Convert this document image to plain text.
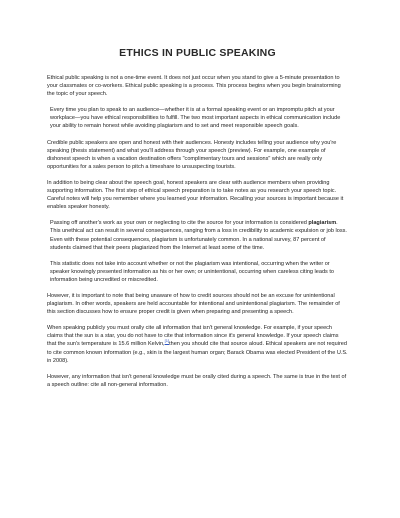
ETHICS IN PUBLIC SPEAKING

Ethical public speaking is not a one-time event. It does not just occur when you stand to give a 5-minute presentation to your classmates or co-workers. Ethical public speaking is a process. This process begins when you begin brainstorming the topic of your speech.

Every time you plan to speak to an audience—whether it is at a formal speaking event or an impromptu pitch at your workplace—you have ethical responsibilities to fulfill. The two most important aspects in ethical communication include your ability to remain honest while avoiding plagiarism and to set and meet responsible speech goals.

Credible public speakers are open and honest with their audiences. Honesty includes telling your audience why you're speaking (thesis statement) and what you'll address through your speech (preview). For example, one example of dishonest speech is when a vacation destination offers "complimentary tours and sessions" which are really only opportunities for a sales person to pitch a timeshare to unsuspecting tourists.

In addition to being clear about the speech goal, honest speakers are clear with audience members when providing supporting information. The first step of ethical speech preparation is to take notes as you research your speech topic. Careful notes will help you remember where you learned your information. Recalling your sources is important because it enables speaker honesty.

Passing off another's work as your own or neglecting to cite the source for your information is considered plagiarism. This unethical act can result in several consequences, ranging from a loss in credibility to academic expulsion or job loss. Even with these potential consequences, plagiarism is unfortunately common. In a national survey, 87 percent of students claimed that their peers plagiarized from the Internet at least some of the time.

This statistic does not take into account whether or not the plagiarism was intentional, occurring when the writer or speaker knowingly presented information as his or her own; or unintentional, occurring when careless citing leads to information being uncredited or miscredited.

However, it is important to note that being unaware of how to credit sources should not be an excuse for unintentional plagiarism. In other words, speakers are held accountable for intentional and unintentional plagiarism. The remainder of this section discusses how to ensure proper credit is given when preparing and presenting a speech.

When speaking publicly you must orally cite all information that isn't general knowledge. For example, if your speech claims that the sun is a star, you do not have to cite that information since it's general knowledge. If your speech claims that the sun's temperature is 15.6 million Kelvin,[1]then you should cite that source aloud. Ethical speakers are not required to cite common known information (e.g., skin is the largest human organ; Barack Obama was elected President of the U.S. in 2008).

However, any information that isn't general knowledge must be orally cited during a speech. The same is true in the text of a speech outline: cite all non-general information.
